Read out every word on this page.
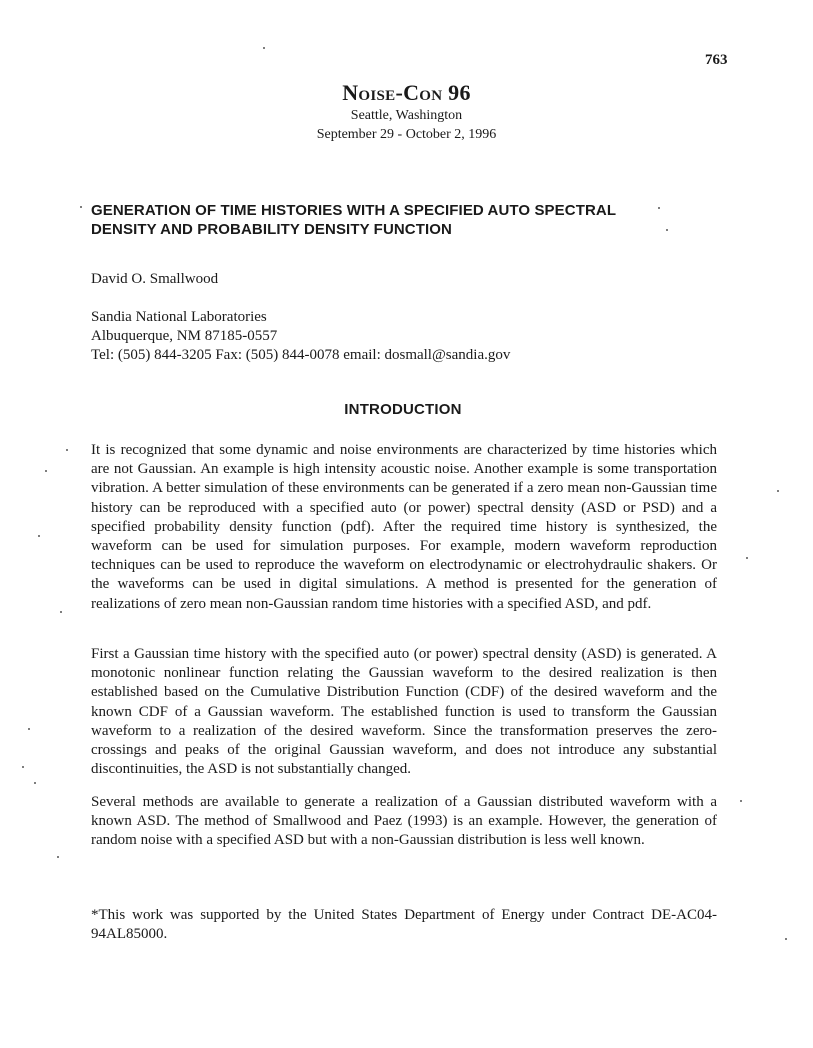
763
Noise-Con 96
Seattle, Washington
September 29 - October 2, 1996
GENERATION OF TIME HISTORIES WITH A SPECIFIED AUTO SPECTRAL
DENSITY AND PROBABILITY DENSITY FUNCTION
David O. Smallwood
Sandia National Laboratories
Albuquerque, NM 87185-0557
Tel: (505) 844-3205 Fax: (505) 844-0078 email: dosmall@sandia.gov
INTRODUCTION

It is recognized that some dynamic and noise environments are characterized by time histories which are not Gaussian. An example is high intensity acoustic noise. Another example is some transportation vibration. A better simulation of these environments can be generated if a zero mean non-Gaussian time history can be reproduced with a specified auto (or power) spectral density (ASD or PSD) and a specified probability density function (pdf). After the required time history is synthesized, the waveform can be used for simulation purposes. For example, modern waveform reproduction techniques can be used to reproduce the waveform on electrodynamic or electrohydraulic shakers. Or the waveforms can be used in digital simulations. A method is presented for the generation of realizations of zero mean non-Gaussian random time histories with a specified ASD, and pdf.

First a Gaussian time history with the specified auto (or power) spectral density (ASD) is generated. A monotonic nonlinear function relating the Gaussian waveform to the desired realization is then established based on the Cumulative Distribution Function (CDF) of the desired waveform and the known CDF of a Gaussian waveform. The established function is used to transform the Gaussian waveform to a realization of the desired waveform. Since the transformation preserves the zero-crossings and peaks of the original Gaussian waveform, and does not introduce any substantial discontinuities, the ASD is not substantially changed.

Several methods are available to generate a realization of a Gaussian distributed waveform with a known ASD. The method of Smallwood and Paez (1993) is an example. However, the generation of random noise with a specified ASD but with a non-Gaussian distribution is less well known.

*This work was supported by the United States Department of Energy under Contract DE-AC04-94AL85000.
